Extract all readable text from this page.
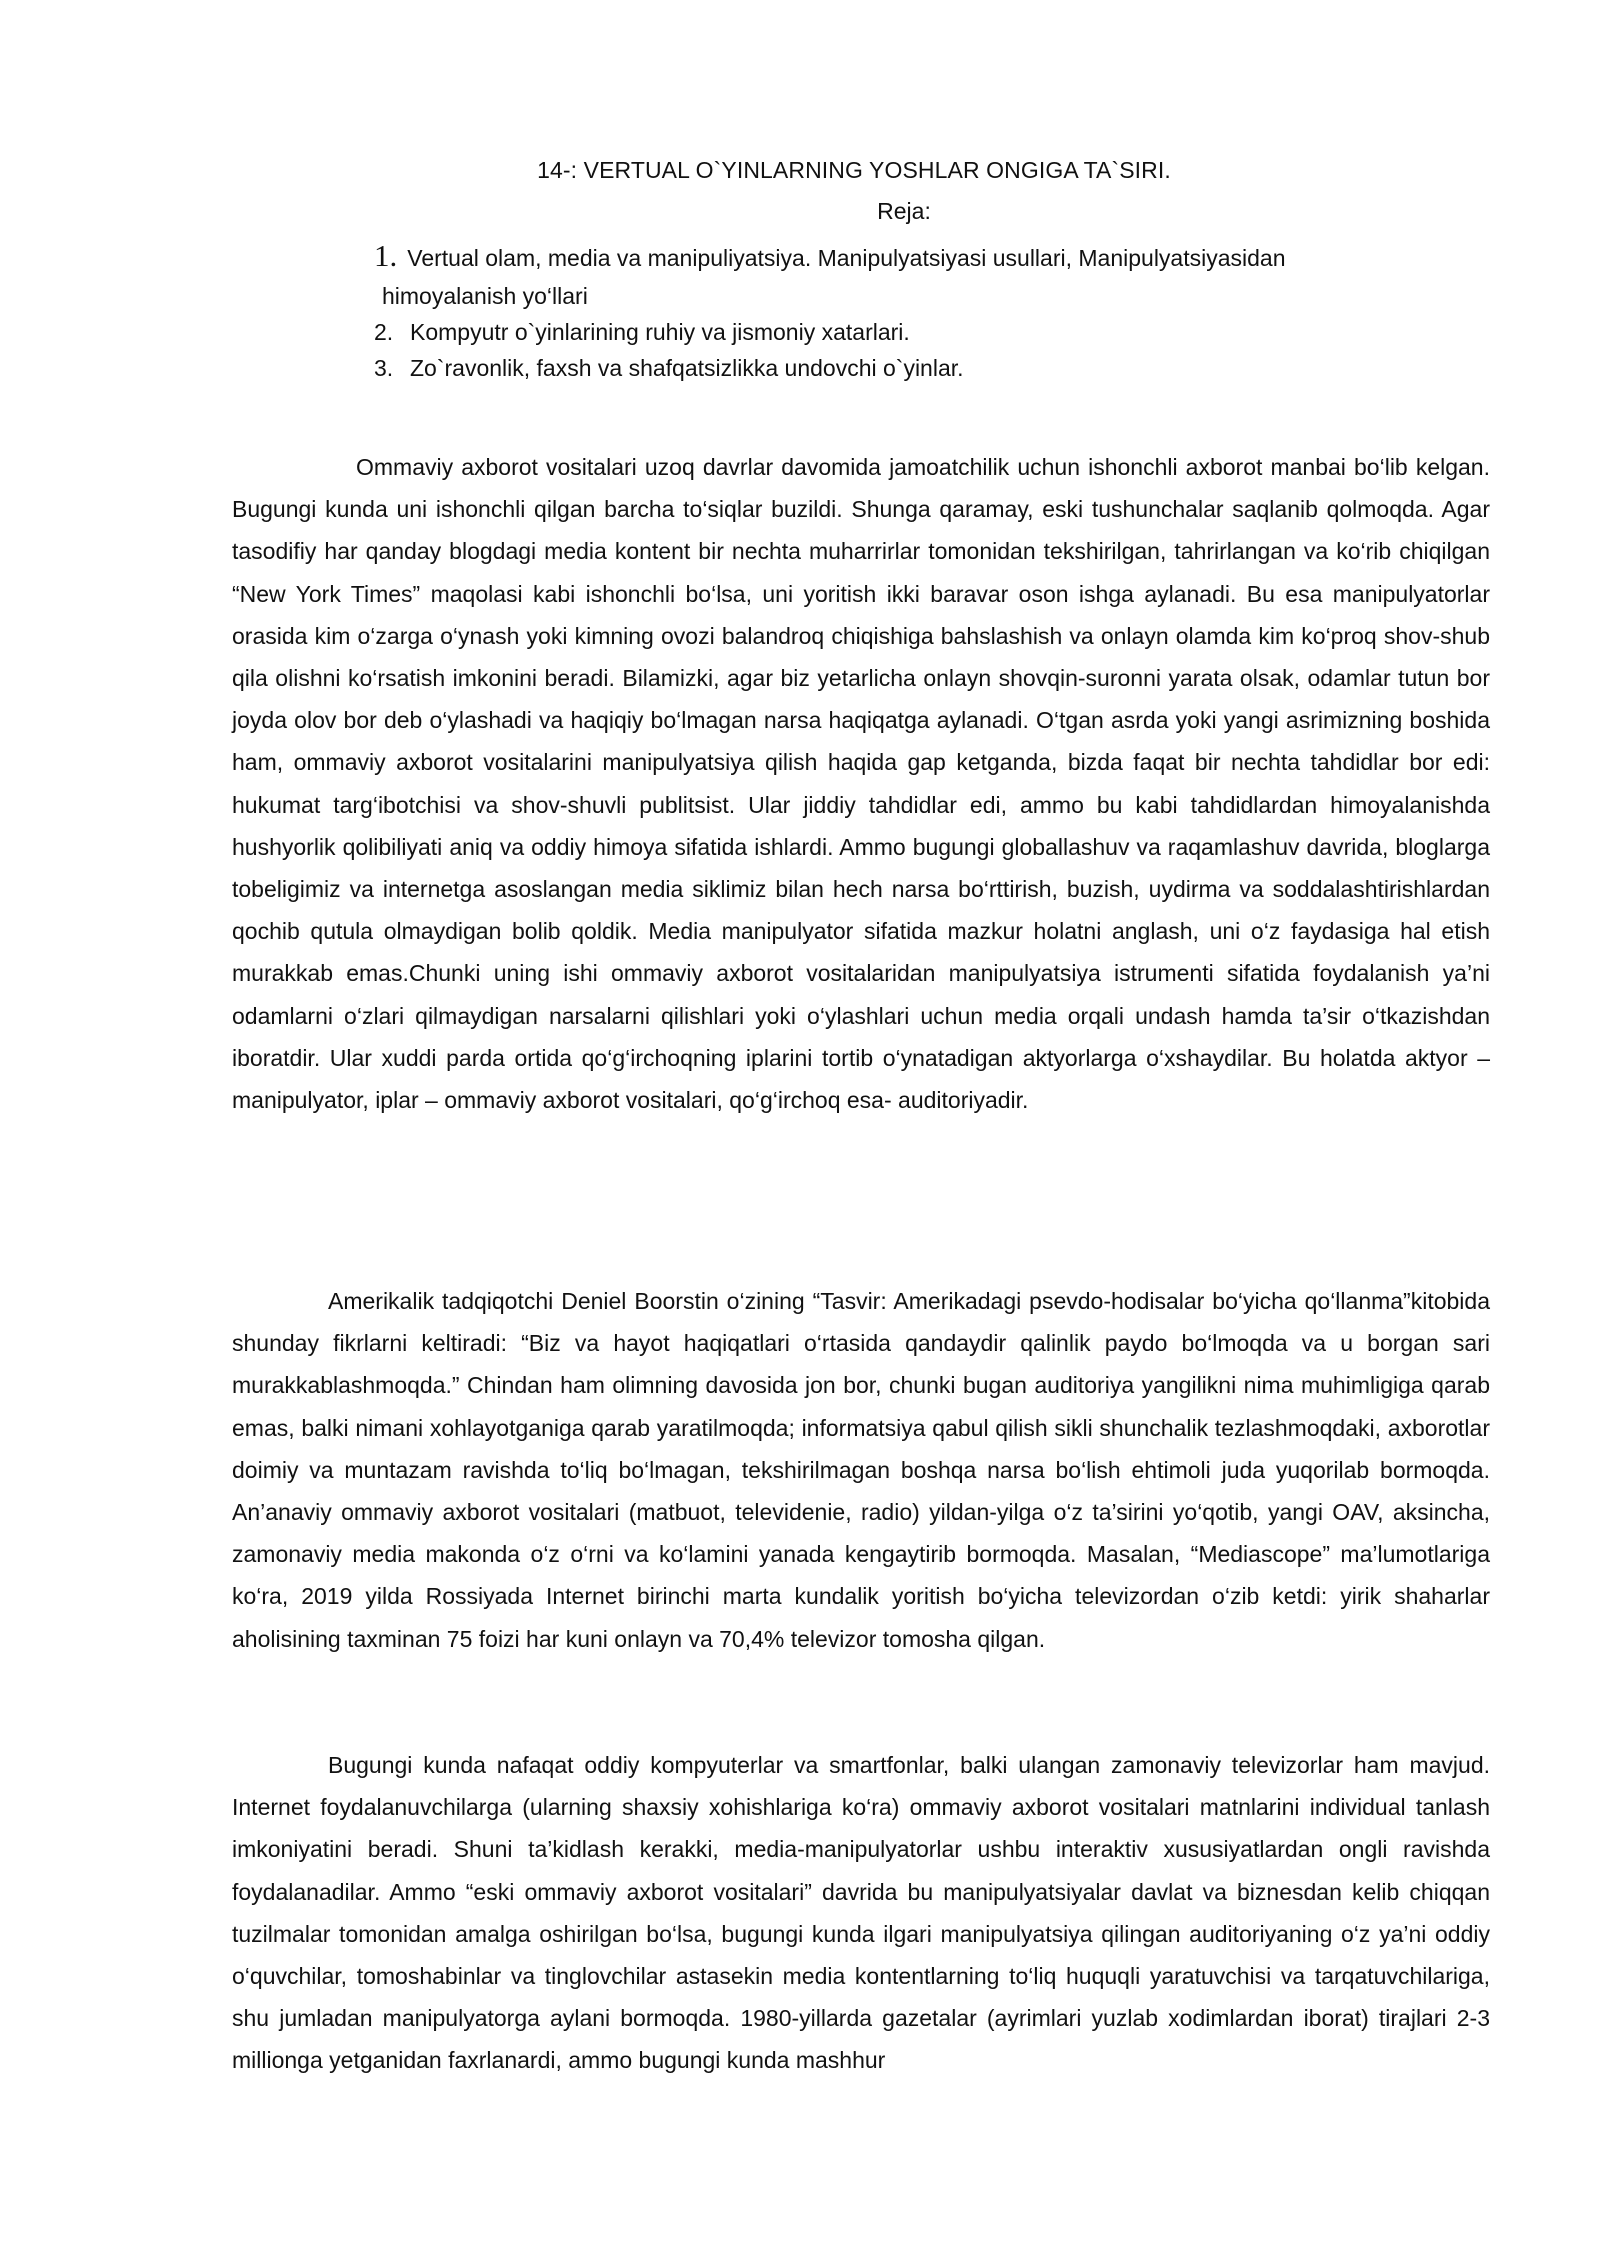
14-: VERTUAL O`YINLARNING YOSHLAR ONGIGA TA`SIRI.
Reja:
1. Vertual olam, media va manipuliyatsiya. Manipulyatsiyasi usullari, Manipulyatsiyasidan
himoyalanish yo‘llari
2. Kompyutr o`yinlarining ruhiy va jismoniy xatarlari.
3. Zo`ravonlik, faxsh va shafqatsizlikka undovchi o`yinlar.

Ommaviy axborot vositalari uzoq davrlar davomida jamoatchilik uchun ishonchli axborot manbai bo‘lib kelgan. Bugungi kunda uni ishonchli qilgan barcha to‘siqlar buzildi. Shunga qaramay, eski tushunchalar saqlanib qolmoqda. Agar tasodifiy har qanday blogdagi media kontent bir nechta muharrirlar tomonidan tekshirilgan, tahrirlangan va ko‘rib chiqilgan “New York Times” maqolasi kabi ishonchli bo‘lsa, uni yoritish ikki baravar oson ishga aylanadi. Bu esa manipulyatorlar orasida kim o‘zarga o‘ynash yoki kimning ovozi balandroq chiqishiga bahslashish va onlayn olamda kim ko‘proq shov-shub qila olishni ko‘rsatish imkonini beradi. Bilamizki, agar biz yetarlicha onlayn shovqin-suronni yarata olsak, odamlar tutun bor joyda olov bor deb o‘ylashadi va haqiqiy bo‘lmagan narsa haqiqatga aylanadi. O‘tgan asrda yoki yangi asrimizning boshida ham, ommaviy axborot vositalarini manipulyatsiya qilish haqida gap ketganda, bizda faqat bir nechta tahdidlar bor edi: hukumat targ‘ibotchisi va shov-shuvli publitsist. Ular jiddiy tahdidlar edi, ammo bu kabi tahdidlardan himoyalanishda hushyorlik qolibiliyati aniq va oddiy himoya sifatida ishlardi. Ammo bugungi globallashuv va raqamlashuv davrida, bloglarga tobeligimiz va internetga asoslangan media siklimiz bilan hech narsa bo‘rttirish, buzish, uydirma va soddalashtirishlardan qochib qutula olmaydigan bolib qoldik. Media manipulyator sifatida mazkur holatni anglash, uni o‘z faydasiga hal etish murakkab emas.Chunki uning ishi ommaviy axborot vositalaridan manipulyatsiya istrumenti sifatida foydalanish ya’ni odamlarni o‘zlari qilmaydigan narsalarni qilishlari yoki o‘ylashlari uchun media orqali undash hamda ta’sir o‘tkazishdan iboratdir. Ular xuddi parda ortida qo‘g‘irchoqning iplarini tortib o‘ynatadigan aktyorlarga o‘xshaydilar. Bu holatda aktyor –manipulyator, iplar – ommaviy axborot vositalari, qo‘g‘irchoq esa- auditoriyadir.

Amerikalik tadqiqotchi Deniel Boorstin o‘zining “Tasvir: Amerikadagi psevdo-hodisalar bo‘yicha qo‘llanma”kitobida shunday fikrlarni keltiradi: “Biz va hayot haqiqatlari o‘rtasida qandaydir qalinlik paydo bo‘lmoqda va u borgan sari murakkablashmoqda.” Chindan ham olimning davosida jon bor, chunki bugan auditoriya yangilikni nima muhimligiga qarab emas, balki nimani xohlayotganiga qarab yaratilmoqda; informatsiya qabul qilish sikli shunchalik tezlashmoqdaki, axborotlar doimiy va muntazam ravishda to‘liq bo‘lmagan, tekshirilmagan boshqa narsa bo‘lish ehtimoli juda yuqorilab bormoqda. An’anaviy ommaviy axborot vositalari (matbuot, televidenie, radio) yildan-yilga o‘z ta’sirini yo‘qotib, yangi OAV, aksincha, zamonaviy media makonda o‘z o‘rni va ko‘lamini yanada kengaytirib bormoqda. Masalan, “Mediascope” ma’lumotlariga ko‘ra, 2019 yilda Rossiyada Internet birinchi marta kundalik yoritish bo‘yicha televizordan o‘zib ketdi: yirik shaharlar aholisining taxminan 75 foizi har kuni onlayn va 70,4% televizor tomosha qilgan.

Bugungi kunda nafaqat oddiy kompyuterlar va smartfonlar, balki ulangan zamonaviy televizorlar ham mavjud. Internet foydalanuvchilarga (ularning shaxsiy xohishlariga ko‘ra) ommaviy axborot vositalari matnlarini individual tanlash imkoniyatini beradi. Shuni ta’kidlash kerakki, media-manipulyatorlar ushbu interaktiv xususiyatlardan ongli ravishda foydalanadilar. Ammo “eski ommaviy axborot vositalari” davrida bu manipulyatsiyalar davlat va biznesdan kelib chiqqan tuzilmalar tomonidan amalga oshirilgan bo‘lsa, bugungi kunda ilgari manipulyatsiya qilingan auditoriyaning o‘z ya’ni oddiy o‘quvchilar, tomoshabinlar va tinglovchilar astasekin media kontentlarning to‘liq huquqli yaratuvchisi va tarqatuvchilariga, shu jumladan manipulyatorga aylani bormoqda. 1980-yillarda gazetalar (ayrimlari yuzlab xodimlardan iborat) tirajlari 2-3 millionga yetganidan faxrlanardi, ammo bugungi kunda mashhur
